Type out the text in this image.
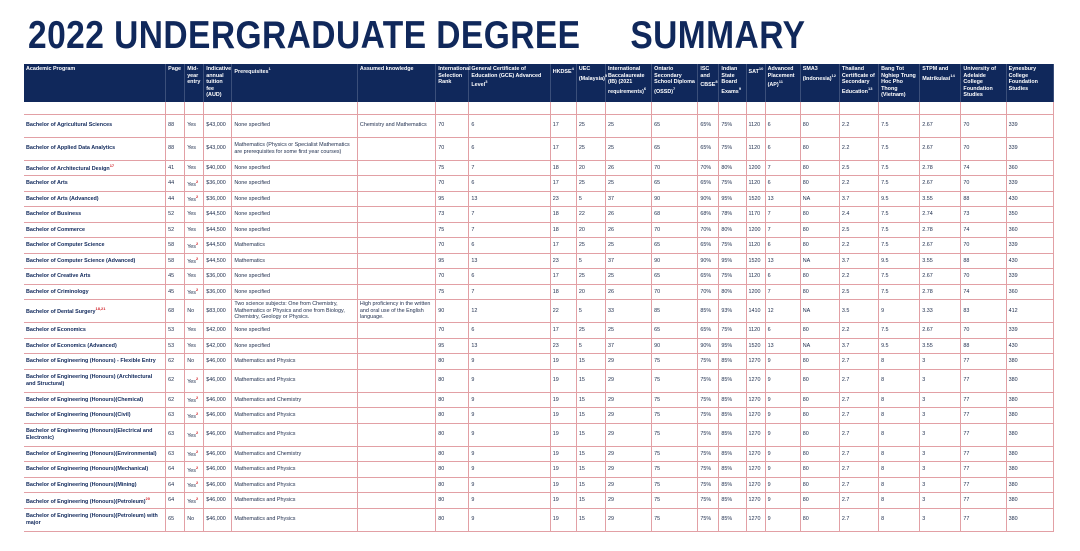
2022 UNDERGRADUATE DEGREE SUMMARY
Academic Program	Page	Mid-year entry	Indicative annual tuition fee (AUD)	Prerequisites$^1$	Assumed knowledge	International Selection Rank	General Certificate of Education (GCE) Advanced Level$^3$	HKDSE$^4$	UEC (Malaysia)$^5$	International Baccalaureate (IB) (2021 requirements)$^6$	Ontario Secondary School Diploma (OSSD)$^7$	ISC and CBSE$^8$	Indian State Board Exams$^9$	SAT$^{10}$	Advanced Placement (AP)$^{11}$	SMA3 (Indonesia)$^{12}$	Thailand Certificate of Secondary Education$^{13}$	Bang Tot Nghiep Trung Hoc Pho Thong (Vietnam)	STPM and Matrikulasi$^{14}$	University of Adelaide College Foundation Studies	Eynesbury College Foundation Studies

Bachelor of Agricultural Sciences	88	Yes	$43,000	None specified	Chemistry and Mathematics	70	6	17	25	25	65	65%	75%	1120	6	80	2.2	7.5	2.67	70	339
Bachelor of Applied Data Analytics	88	Yes	$43,000	Mathematics (Physics or Specialist Mathematics are prerequisites for some first year courses)		70	6	17	25	25	65	65%	75%	1120	6	80	2.2	7.5	2.67	70	339
Bachelor of Architectural Design$^{17}$	41	Yes	$40,000	None specified		75	7	18	20	26	70	70%	80%	1200	7	80	2.5	7.5	2.78	74	360
Bachelor of Arts	44	Yes$^2$	$36,000	None specified		70	6	17	25	25	65	65%	75%	1120	6	80	2.2	7.5	2.67	70	339
Bachelor of Arts (Advanced)	44	Yes$^2$	$36,000	None specified		95	13	23	5	37	90	90%	95%	1520	13	NA	3.7	9.5	3.55	88	430
Bachelor of Business	52	Yes	$44,500	None specified		73	7	18	22	26	68	68%	78%	1170	7	80	2.4	7.5	2.74	73	350
Bachelor of Commerce	52	Yes	$44,500	None specified		75	7	18	20	26	70	70%	80%	1200	7	80	2.5	7.5	2.78	74	360
Bachelor of Computer Science	58	Yes$^2$	$44,500	Mathematics		70	6	17	25	25	65	65%	75%	1120	6	80	2.2	7.5	2.67	70	339
Bachelor of Computer Science (Advanced)	58	Yes$^2$	$44,500	Mathematics		95	13	23	5	37	90	90%	95%	1520	13	NA	3.7	9.5	3.55	88	430
Bachelor of Creative Arts	45	Yes	$36,000	None specified		70	6	17	25	25	65	65%	75%	1120	6	80	2.2	7.5	2.67	70	339
Bachelor of Criminology	45	Yes$^2$	$36,000	None specified		75	7	18	20	26	70	70%	80%	1200	7	80	2.5	7.5	2.78	74	360
Bachelor of Dental Surgery$^{18,21}$	68	No	$83,000	Two science subjects: One from Chemistry, Mathematics or Physics and one from Biology, Chemistry, Geology or Physics.	High proficiency in the written and oral use of the English language.	90	12	22	5	33	85	85%	93%	1410	12	NA	3.5	9	3.33	83	412
Bachelor of Economics	53	Yes	$42,000	None specified		70	6	17	25	25	65	65%	75%	1120	6	80	2.2	7.5	2.67	70	339
Bachelor of Economics (Advanced)	53	Yes	$42,000	None specified		95	13	23	5	37	90	90%	95%	1520	13	NA	3.7	9.5	3.55	88	430
Bachelor of Engineering (Honours) - Flexible Entry	62	No	$46,000	Mathematics and Physics		80	9	19	15	29	75	75%	85%	1270	9	80	2.7	8	3	77	380
Bachelor of Engineering (Honours) (Architectural and Structural)	62	Yes$^2$	$46,000	Mathematics and Physics		80	9	19	15	29	75	75%	85%	1270	9	80	2.7	8	3	77	380
Bachelor of Engineering (Honours)(Chemical)	62	Yes$^2$	$46,000	Mathematics and Chemistry		80	9	19	15	29	75	75%	85%	1270	9	80	2.7	8	3	77	380
Bachelor of Engineering (Honours)(Civil)	63	Yes$^2$	$46,000	Mathematics and Physics		80	9	19	15	29	75	75%	85%	1270	9	80	2.7	8	3	77	380
Bachelor of Engineering (Honours)(Electrical and Electronic)	63	Yes$^2$	$46,000	Mathematics and Physics		80	9	19	15	29	75	75%	85%	1270	9	80	2.7	8	3	77	380
Bachelor of Engineering (Honours)(Environmental)	63	Yes$^2$	$46,000	Mathematics and Chemistry		80	9	19	15	29	75	75%	85%	1270	9	80	2.7	8	3	77	380
Bachelor of Engineering (Honours)(Mechanical)	64	Yes$^2$	$46,000	Mathematics and Physics		80	9	19	15	29	75	75%	85%	1270	9	80	2.7	8	3	77	380
Bachelor of Engineering (Honours)(Mining)	64	Yes$^2$	$46,000	Mathematics and Physics		80	9	19	15	29	75	75%	85%	1270	9	80	2.7	8	3	77	380
Bachelor of Engineering (Honours)(Petroleum)$^{20}$	64	Yes$^2$	$46,000	Mathematics and Physics		80	9	19	15	29	75	75%	85%	1270	9	80	2.7	8	3	77	380
Bachelor of Engineering (Honours)(Petroleum) with major	65	No	$46,000	Mathematics and Physics		80	9	19	15	29	75	75%	85%	1270	9	80	2.7	8	3	77	380
